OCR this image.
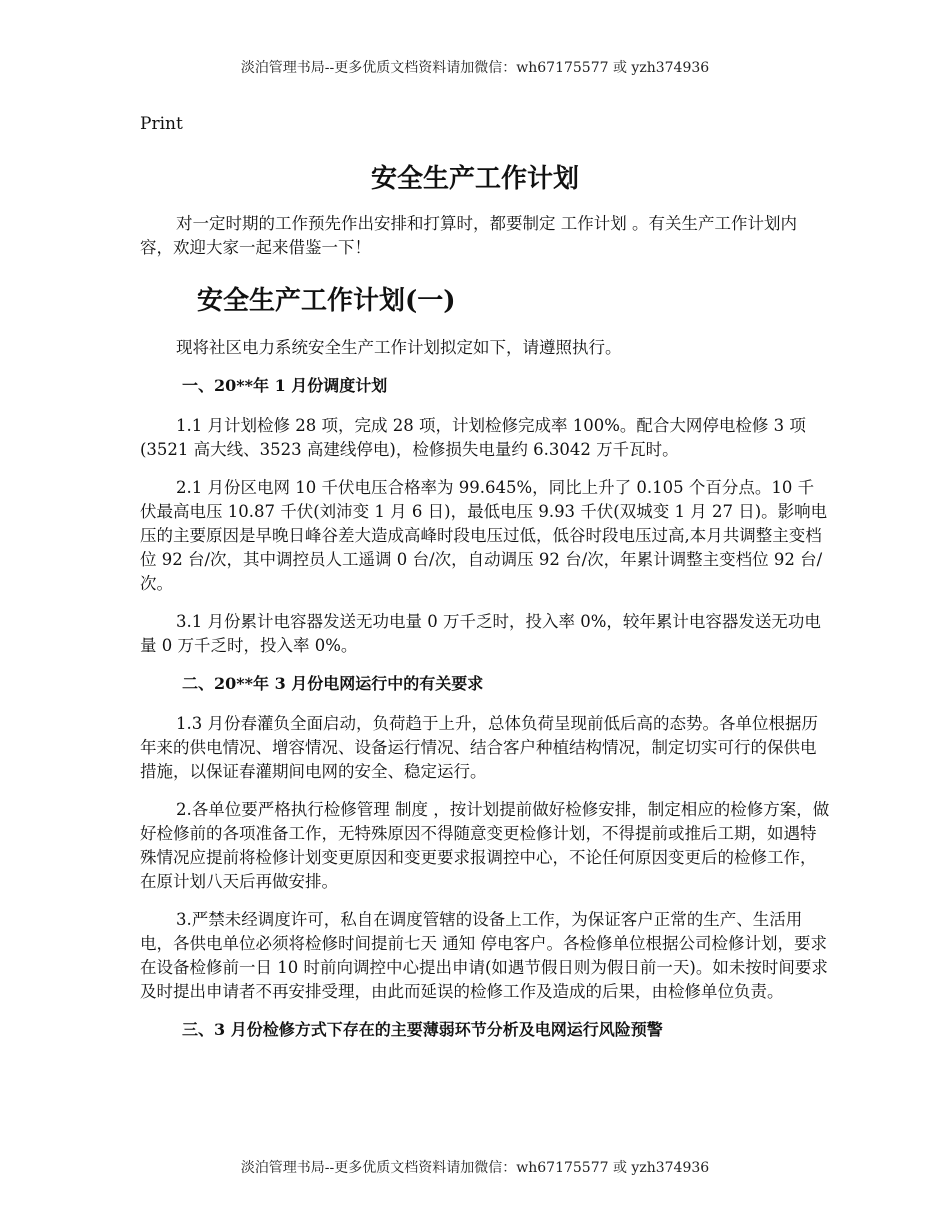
淡泊管理书局--更多优质文档资料请加微信：wh67175577 或 yzh374936
Print
安全生产工作计划

对一定时期的工作预先作出安排和打算时，都要制定 工作计划 。有关生产工作计划内容，欢迎大家一起来借鉴一下！

安全生产工作计划(一)

现将社区电力系统安全生产工作计划拟定如下，请遵照执行。

一、20**年 1 月份调度计划

1.1 月计划检修 28 项，完成 28 项，计划检修完成率 100%。配合大网停电检修 3 项(3521 高大线、3523 高建线停电)，检修损失电量约 6.3042 万千瓦时。

2.1 月份区电网 10 千伏电压合格率为 99.645%，同比上升了 0.105 个百分点。10 千伏最高电压 10.87 千伏(刘沛变 1 月 6 日)，最低电压 9.93 千伏(双城变 1 月 27 日)。影响电压的主要原因是早晚日峰谷差大造成高峰时段电压过低，低谷时段电压过高,本月共调整主变档位 92 台/次，其中调控员人工遥调 0 台/次，自动调压 92 台/次，年累计调整主变档位 92 台/次。

3.1 月份累计电容器发送无功电量 0 万千乏时，投入率 0%，较年累计电容器发送无功电量 0 万千乏时，投入率 0%。

二、20**年 3 月份电网运行中的有关要求

1.3 月份春灌负全面启动，负荷趋于上升，总体负荷呈现前低后高的态势。各单位根据历年来的供电情况、增容情况、设备运行情况、结合客户种植结构情况，制定切实可行的保供电措施，以保证春灌期间电网的安全、稳定运行。

2.各单位要严格执行检修管理 制度 ，按计划提前做好检修安排，制定相应的检修方案，做好检修前的各项准备工作，无特殊原因不得随意变更检修计划，不得提前或推后工期，如遇特殊情况应提前将检修计划变更原因和变更要求报调控中心，不论任何原因变更后的检修工作，在原计划八天后再做安排。

3.严禁未经调度许可，私自在调度管辖的设备上工作，为保证客户正常的生产、生活用电，各供电单位必须将检修时间提前七天 通知 停电客户。各检修单位根据公司检修计划，要求在设备检修前一日 10 时前向调控中心提出申请(如遇节假日则为假日前一天)。如未按时间要求及时提出申请者不再安排受理，由此而延误的检修工作及造成的后果，由检修单位负责。

三、3 月份检修方式下存在的主要薄弱环节分析及电网运行风险预警

淡泊管理书局--更多优质文档资料请加微信：wh67175577 或 yzh374936
